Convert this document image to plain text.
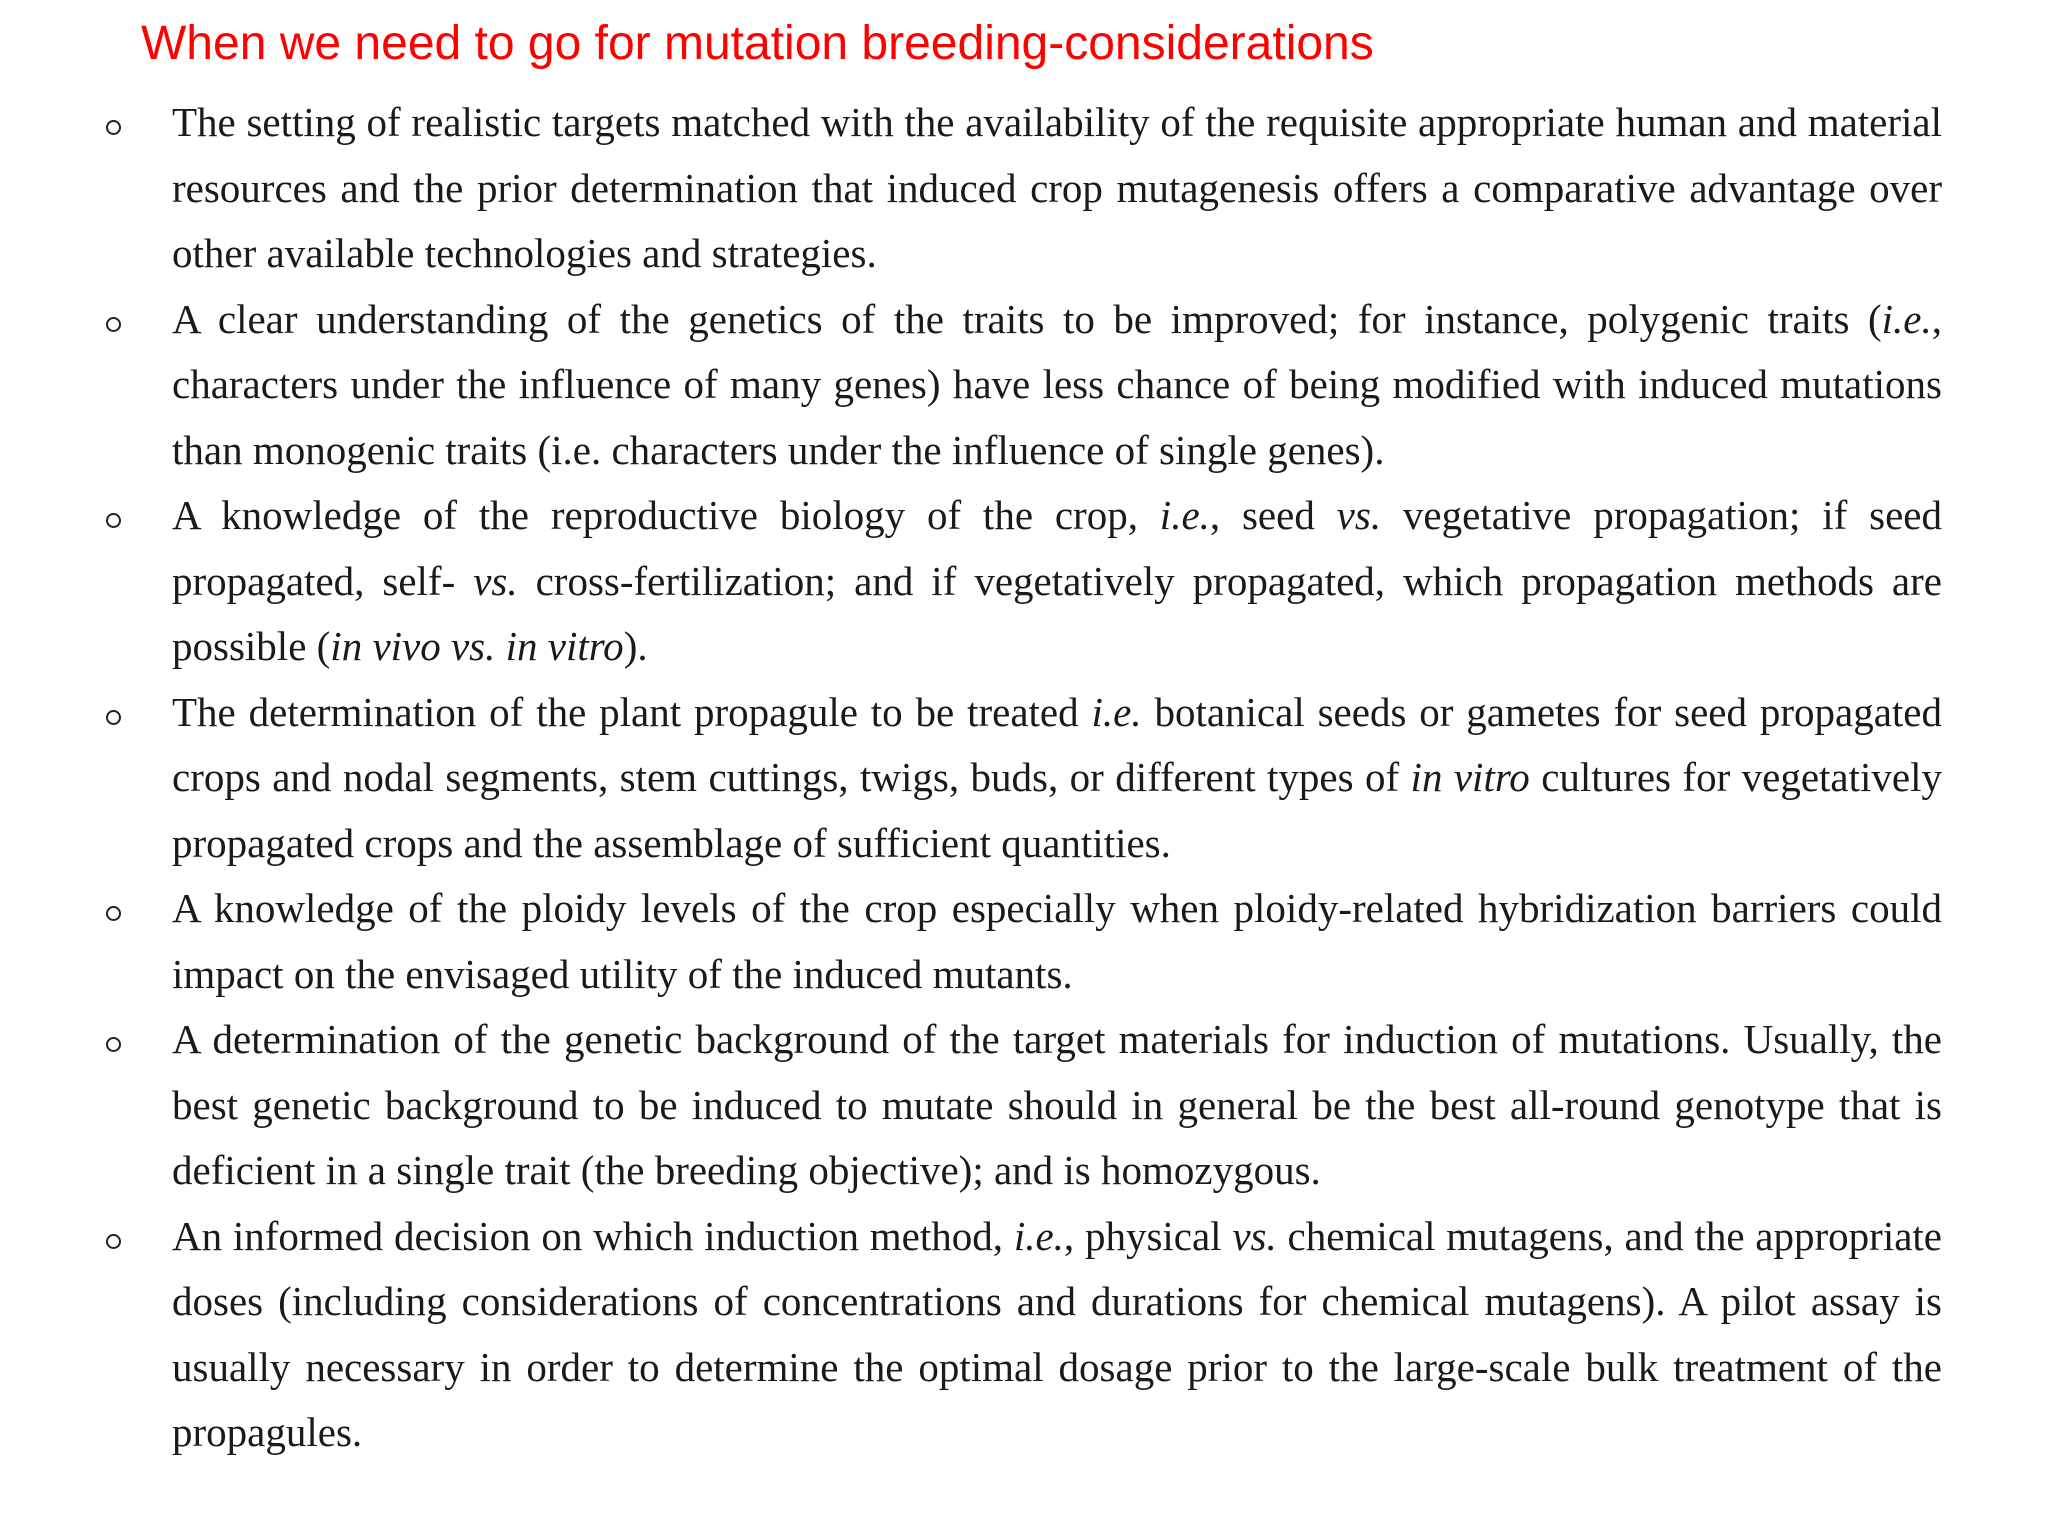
When we need to go for mutation breeding-considerations
The setting of realistic targets matched with the availability of the requisite appropriate human and material resources and the prior determination that induced crop mutagenesis offers a comparative advantage over other available technologies and strategies.
A clear understanding of the genetics of the traits to be improved; for instance, polygenic traits (i.e., characters under the influence of many genes) have less chance of being modified with induced mutations than monogenic traits (i.e. characters under the influence of single genes).
A knowledge of the reproductive biology of the crop, i.e., seed vs. vegetative propagation; if seed propagated, self- vs. cross-fertilization; and if vegetatively propagated, which propagation methods are possible (in vivo vs. in vitro).
The determination of the plant propagule to be treated i.e. botanical seeds or gametes for seed propagated crops and nodal segments, stem cuttings, twigs, buds, or different types of in vitro cultures for vegetatively propagated crops and the assemblage of sufficient quantities.
A knowledge of the ploidy levels of the crop especially when ploidy-related hybridization barriers could impact on the envisaged utility of the induced mutants.
A determination of the genetic background of the target materials for induction of mutations. Usually, the best genetic background to be induced to mutate should in general be the best all-round genotype that is deficient in a single trait (the breeding objective); and is homozygous.
An informed decision on which induction method, i.e., physical vs. chemical mutagens, and the appropriate doses (including considerations of concentrations and durations for chemical mutagens). A pilot assay is usually necessary in order to determine the optimal dosage prior to the large-scale bulk treatment of the propagules.
